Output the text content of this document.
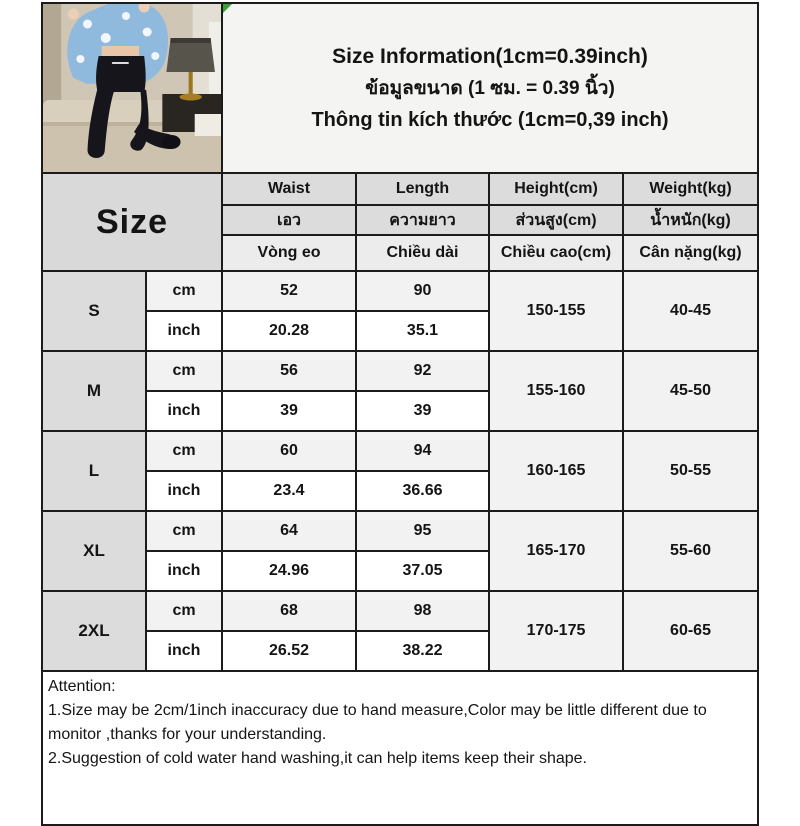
Size Information(1cm=0.39inch)
ข้อมูลขนาด (1 ซม. = 0.39 นิ้ว)
Thông tin kích thước (1cm=0,39 inch)			

Size		Waist	Length	Height(cm)	Weight(kg)
		เอว	ความยาว	ส่วนสูง(cm)	น้ำหนัก(kg)
		Vòng eo	Chiều dài	Chiều cao(cm)	Cân nặng(kg)
S	cm	52	90	150-155	40-45
	inch	20.28	35.1		
M	cm	56	92	155-160	45-50
	inch	39	39		
L	cm	60	94	160-165	50-55
	inch	23.4	36.66		
XL	cm	64	95	165-170	55-60
	inch	24.96	37.05		
2XL	cm	68	98	170-175	60-65
	inch	26.52	38.22		

Attention:
1.Size may be 2cm/1inch inaccuracy due to hand measure,Color may be little different due to monitor ,thanks for your understanding.
2.Suggestion of cold water hand washing,it can help items keep their shape.					
